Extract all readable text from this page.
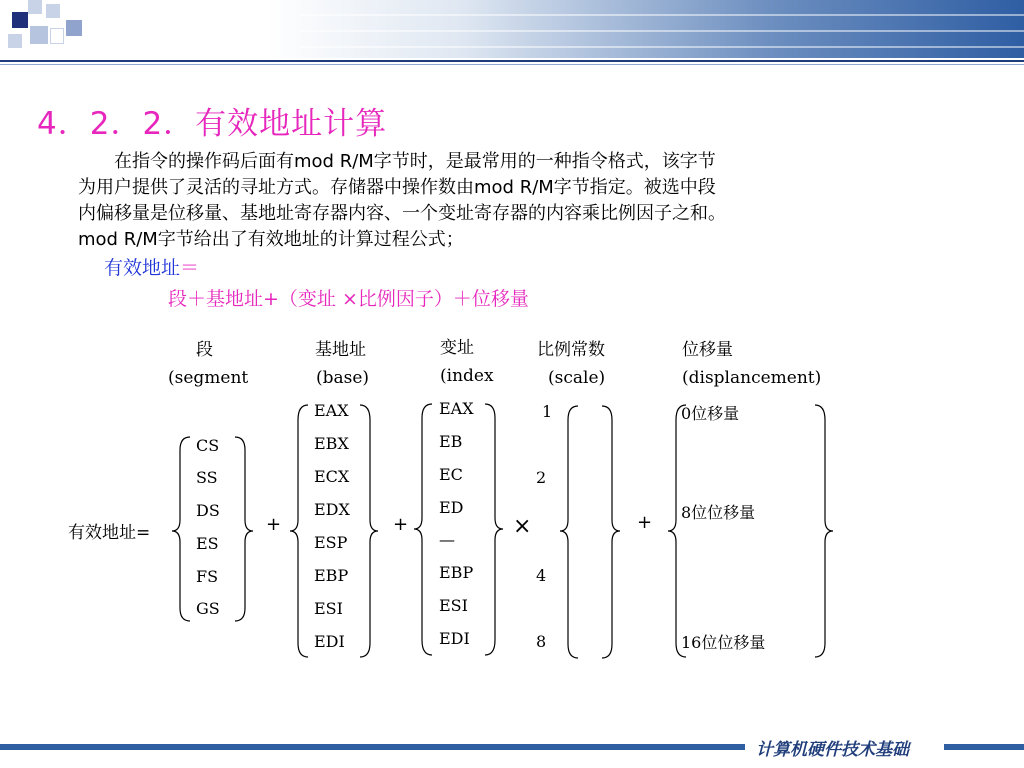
4．2．2．有效地址计算

在指令的操作码后面有mod R/M字节时，是最常用的一种指令格式，该字节

为用户提供了灵活的寻址方式。存储器中操作数由mod R/M字节指定。被选中段

内偏移量是位移量、基地址寄存器内容、一个变址寄存器的内容乘比例因子之和。

mod R/M字节给出了有效地址的计算过程公式；

有效地址＝
段＋基地址+（变址 ×比例因子）＋位移量
段
(segment
基地址
(base)
变址
(index
比例常数
(scale)
位移量
(displancement)
有效地址=
CS
SS
DS
ES
FS
GS
EAX
EBX
ECX
EDX
ESP
EBP
ESI
EDI
EAX
EB
EC
ED
—
EBP
ESI
EDI
1
2
4
8
0位移量
8位位移量
16位位移量
+	+	×	+
计算机硬件技术基础
